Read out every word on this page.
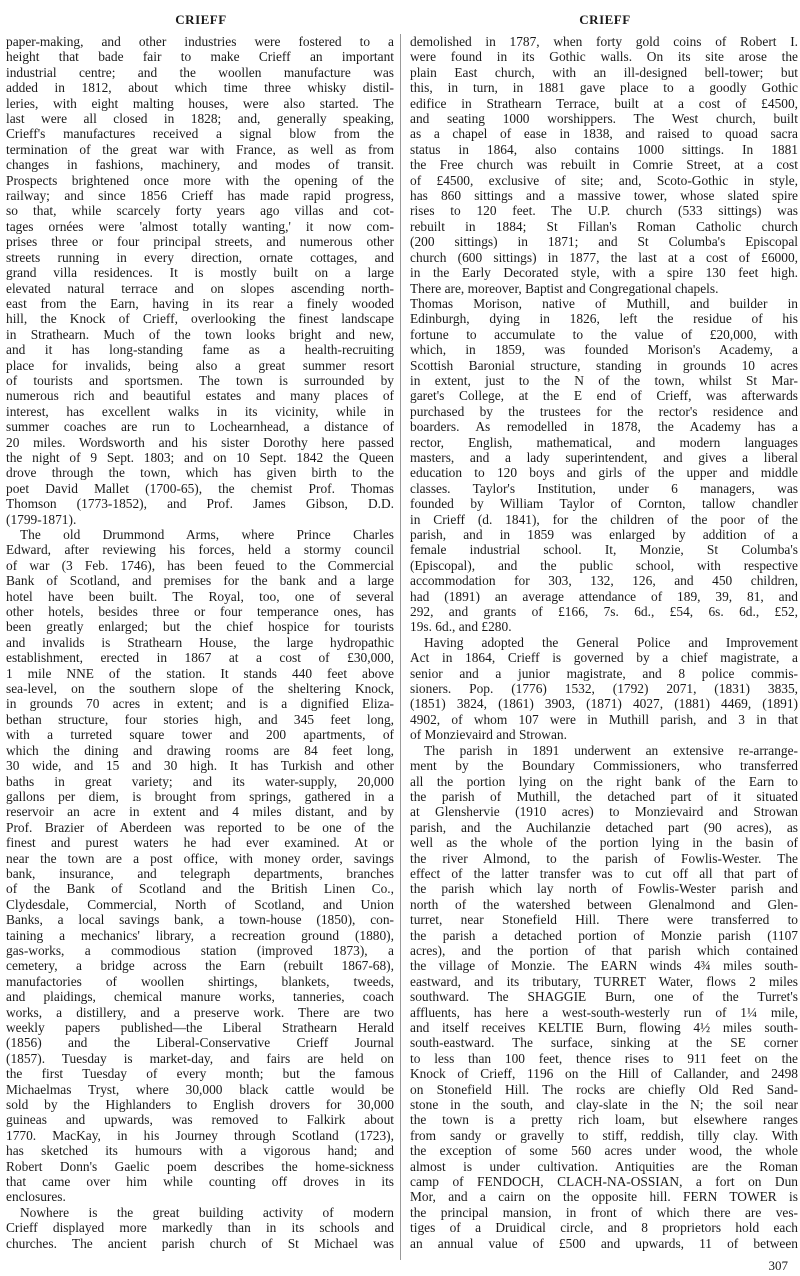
CRIEFF	CRIEFF
paper-making, and other industries were fostered to a
height that bade fair to make Crieff an important
industrial centre; and the woollen manufacture was
added in 1812, about which time three whisky distil-
leries, with eight malting houses, were also started. The
last were all closed in 1828; and, generally speaking,
Crieff's manufactures received a signal blow from the
termination of the great war with France, as well as from
changes in fashions, machinery, and modes of transit.
Prospects brightened once more with the opening of the
railway; and since 1856 Crieff has made rapid progress,
so that, while scarcely forty years ago villas and cot-
tages ornées were 'almost totally wanting,' it now com-
prises three or four principal streets, and numerous other
streets running in every direction, ornate cottages, and
grand villa residences. It is mostly built on a large
elevated natural terrace and on slopes ascending north-
east from the Earn, having in its rear a finely wooded
hill, the Knock of Crieff, overlooking the finest landscape
in Strathearn. Much of the town looks bright and new,
and it has long-standing fame as a health-recruiting
place for invalids, being also a great summer resort
of tourists and sportsmen. The town is surrounded by
numerous rich and beautiful estates and many places of
interest, has excellent walks in its vicinity, while in
summer coaches are run to Lochearnhead, a distance of
20 miles. Wordsworth and his sister Dorothy here passed
the night of 9 Sept. 1803; and on 10 Sept. 1842 the Queen
drove through the town, which has given birth to the
poet David Mallet (1700-65), the chemist Prof. Thomas
Thomson (1773-1852), and Prof. James Gibson, D.D.
(1799-1871).
The old Drummond Arms, where Prince Charles
Edward, after reviewing his forces, held a stormy council
of war (3 Feb. 1746), has been feued to the Commercial
Bank of Scotland, and premises for the bank and a large
hotel have been built. The Royal, too, one of several
other hotels, besides three or four temperance ones, has
been greatly enlarged; but the chief hospice for tourists
and invalids is Strathearn House, the large hydropathic
establishment, erected in 1867 at a cost of £30,000,
1 mile NNE of the station. It stands 440 feet above
sea-level, on the southern slope of the sheltering Knock,
in grounds 70 acres in extent; and is a dignified Eliza-
bethan structure, four stories high, and 345 feet long,
with a turreted square tower and 200 apartments, of
which the dining and drawing rooms are 84 feet long,
30 wide, and 15 and 30 high. It has Turkish and other
baths in great variety; and its water-supply, 20,000
gallons per diem, is brought from springs, gathered in a
reservoir an acre in extent and 4 miles distant, and by
Prof. Brazier of Aberdeen was reported to be one of the
finest and purest waters he had ever examined. At or
near the town are a post office, with money order, savings
bank, insurance, and telegraph departments, branches
of the Bank of Scotland and the British Linen Co.,
Clydesdale, Commercial, North of Scotland, and Union
Banks, a local savings bank, a town-house (1850), con-
taining a mechanics' library, a recreation ground (1880),
gas-works, a commodious station (improved 1873), a
cemetery, a bridge across the Earn (rebuilt 1867-68),
manufactories of woollen shirtings, blankets, tweeds,
and plaidings, chemical manure works, tanneries, coach
works, a distillery, and a preserve work. There are two
weekly papers published—the Liberal Strathearn Herald
(1856) and the Liberal-Conservative Crieff Journal
(1857). Tuesday is market-day, and fairs are held on
the first Tuesday of every month; but the famous
Michaelmas Tryst, where 30,000 black cattle would be
sold by the Highlanders to English drovers for 30,000
guineas and upwards, was removed to Falkirk about
1770. MacKay, in his Journey through Scotland (1723),
has sketched its humours with a vigorous hand; and
Robert Donn's Gaelic poem describes the home-sickness
that came over him while counting off droves in its
enclosures.
Nowhere is the great building activity of modern
Crieff displayed more markedly than in its schools and
churches. The ancient parish church of St Michael was
demolished in 1787, when forty gold coins of Robert I.
were found in its Gothic walls. On its site arose the
plain East church, with an ill-designed bell-tower; but
this, in turn, in 1881 gave place to a goodly Gothic
edifice in Strathearn Terrace, built at a cost of £4500,
and seating 1000 worshippers. The West church, built
as a chapel of ease in 1838, and raised to quoad sacra
status in 1864, also contains 1000 sittings. In 1881
the Free church was rebuilt in Comrie Street, at a cost
of £4500, exclusive of site; and, Scoto-Gothic in style,
has 860 sittings and a massive tower, whose slated spire
rises to 120 feet. The U.P. church (533 sittings) was
rebuilt in 1884; St Fillan's Roman Catholic church
(200 sittings) in 1871; and St Columba's Episcopal
church (600 sittings) in 1877, the last at a cost of £6000,
in the Early Decorated style, with a spire 130 feet high.
There are, moreover, Baptist and Congregational chapels.
Thomas Morison, native of Muthill, and builder in
Edinburgh, dying in 1826, left the residue of his
fortune to accumulate to the value of £20,000, with
which, in 1859, was founded Morison's Academy, a
Scottish Baronial structure, standing in grounds 10 acres
in extent, just to the N of the town, whilst St Mar-
garet's College, at the E end of Crieff, was afterwards
purchased by the trustees for the rector's residence and
boarders. As remodelled in 1878, the Academy has a
rector, English, mathematical, and modern languages
masters, and a lady superintendent, and gives a liberal
education to 120 boys and girls of the upper and middle
classes. Taylor's Institution, under 6 managers, was
founded by William Taylor of Cornton, tallow chandler
in Crieff (d. 1841), for the children of the poor of the
parish, and in 1859 was enlarged by addition of a
female industrial school. It, Monzie, St Columba's
(Episcopal), and the public school, with respective
accommodation for 303, 132, 126, and 450 children,
had (1891) an average attendance of 189, 39, 81, and
292, and grants of £166, 7s. 6d., £54, 6s. 6d., £52,
19s. 6d., and £280.
Having adopted the General Police and Improvement
Act in 1864, Crieff is governed by a chief magistrate, a
senior and a junior magistrate, and 8 police commis-
sioners. Pop. (1776) 1532, (1792) 2071, (1831) 3835,
(1851) 3824, (1861) 3903, (1871) 4027, (1881) 4469, (1891)
4902, of whom 107 were in Muthill parish, and 3 in that
of Monzievaird and Strowan.
The parish in 1891 underwent an extensive re-arrange-
ment by the Boundary Commissioners, who transferred
all the portion lying on the right bank of the Earn to
the parish of Muthill, the detached part of it situated
at Glenshervie (1910 acres) to Monzievaird and Strowan
parish, and the Auchilanzie detached part (90 acres), as
well as the whole of the portion lying in the basin of
the river Almond, to the parish of Fowlis-Wester. The
effect of the latter transfer was to cut off all that part of
the parish which lay north of Fowlis-Wester parish and
north of the watershed between Glenalmond and Glen-
turret, near Stonefield Hill. There were transferred to
the parish a detached portion of Monzie parish (1107
acres), and the portion of that parish which contained
the village of Monzie. The EARN winds 4¾ miles south-
eastward, and its tributary, TURRET Water, flows 2 miles
southward. The SHAGGIE Burn, one of the Turret's
affluents, has here a west-south-westerly run of 1¼ mile,
and itself receives KELTIE Burn, flowing 4½ miles south-
south-eastward. The surface, sinking at the SE corner
to less than 100 feet, thence rises to 911 feet on the
Knock of Crieff, 1196 on the Hill of Callander, and 2498
on Stonefield Hill. The rocks are chiefly Old Red Sand-
stone in the south, and clay-slate in the N; the soil near
the town is a pretty rich loam, but elsewhere ranges
from sandy or gravelly to stiff, reddish, tilly clay. With
the exception of some 560 acres under wood, the whole
almost is under cultivation. Antiquities are the Roman
camp of FENDOCH, CLACH-NA-OSSIAN, a fort on Dun
Mor, and a cairn on the opposite hill. FERN TOWER is
the principal mansion, in front of which there are ves-
tiges of a Druidical circle, and 8 proprietors hold each
an annual value of £500 and upwards, 11 of between
307
